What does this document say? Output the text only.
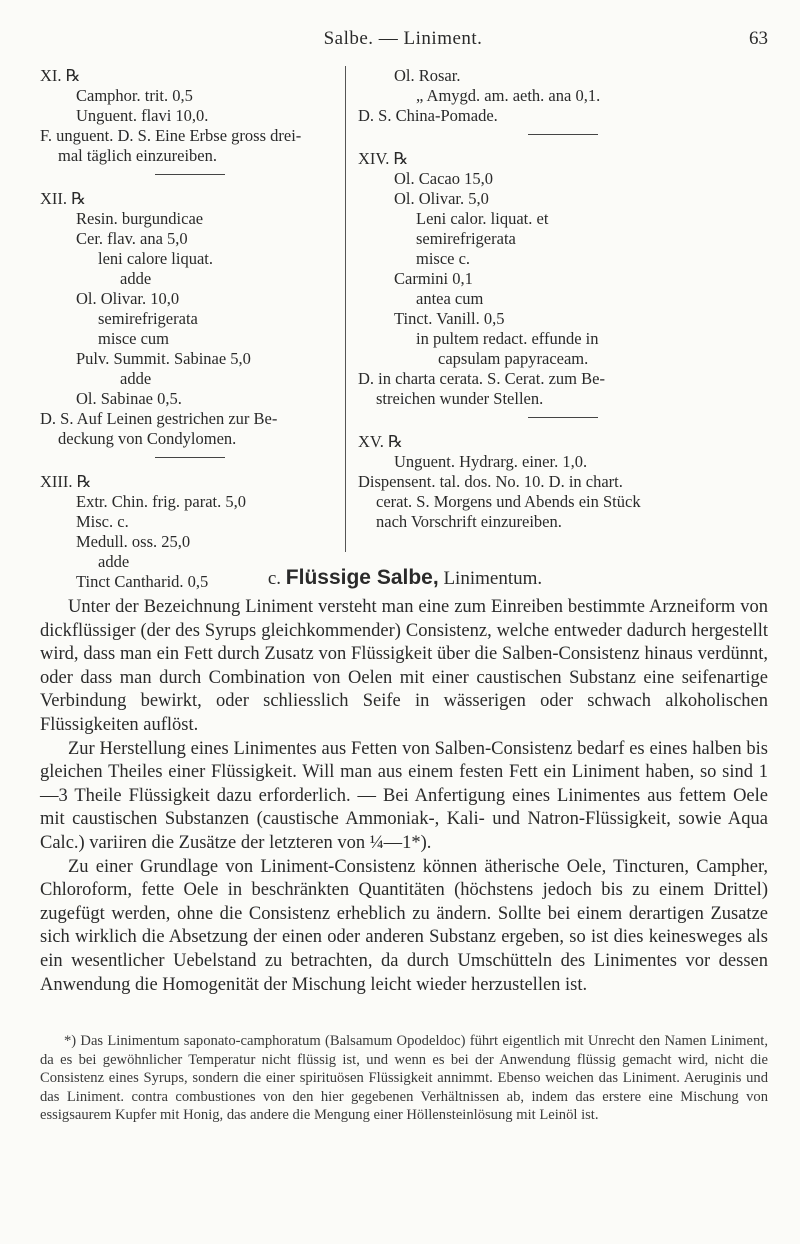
Salbe. — Liniment.	63
XI. ℞
Camphor. trit. 0,5
Unguent. flavi 10,0.
F. unguent. D. S. Eine Erbse gross drei-
mal täglich einzureiben.
XII. ℞
Resin. burgundicae
Cer. flav. ana 5,0
leni calore liquat.
adde
Ol. Olivar. 10,0
semirefrigerata
misce cum
Pulv. Summit. Sabinae 5,0
adde
Ol. Sabinae 0,5.
D. S. Auf Leinen gestrichen zur Be-
deckung von Condylomen.
XIII. ℞
Extr. Chin. frig. parat. 5,0
Misc. c.
Medull. oss. 25,0
adde
Tinct Cantharid. 0,5
Ol. Rosar.
„ Amygd. am. aeth. ana 0,1.
D. S. China-Pomade.
XIV. ℞
Ol. Cacao 15,0
Ol. Olivar. 5,0
Leni calor. liquat. et
semirefrigerata
misce c.
Carmini 0,1
antea cum
Tinct. Vanill. 0,5
in pultem redact. effunde in
capsulam papyraceam.
D. in charta cerata. S. Cerat. zum Be-
streichen wunder Stellen.
XV. ℞
Unguent. Hydrarg. einer. 1,0.
Dispensent. tal. dos. No. 10. D. in chart.
cerat. S. Morgens und Abends ein Stück
nach Vorschrift einzureiben.
c. Flüssige Salbe, Linimentum.

Unter der Bezeichnung Liniment versteht man eine zum Einreiben bestimmte Arzneiform von dickflüssiger (der des Syrups gleichkommender) Consistenz, welche entweder dadurch hergestellt wird, dass man ein Fett durch Zusatz von Flüssigkeit über die Salben-Consistenz hinaus verdünnt, oder dass man durch Combination von Oelen mit einer caustischen Substanz eine seifenartige Verbindung bewirkt, oder schliesslich Seife in wässerigen oder schwach alkoholischen Flüssigkeiten auflöst.

Zur Herstellung eines Linimentes aus Fetten von Salben-Consistenz bedarf es eines halben bis gleichen Theiles einer Flüssigkeit. Will man aus einem festen Fett ein Liniment haben, so sind 1—3 Theile Flüssigkeit dazu erforderlich. — Bei Anfertigung eines Linimentes aus fettem Oele mit caustischen Substanzen (caustische Ammoniak-, Kali- und Natron-Flüssigkeit, sowie Aqua Calc.) variiren die Zusätze der letzteren von ¼—1*).

Zu einer Grundlage von Liniment-Consistenz können ätherische Oele, Tincturen, Campher, Chloroform, fette Oele in beschränkten Quantitäten (höchstens jedoch bis zu einem Drittel) zugefügt werden, ohne die Consistenz erheblich zu ändern. Sollte bei einem derartigen Zusatze sich wirklich die Absetzung der einen oder anderen Substanz ergeben, so ist dies keinesweges als ein wesentlicher Uebelstand zu betrachten, da durch Umschütteln des Linimentes vor dessen Anwendung die Homogenität der Mischung leicht wieder herzustellen ist.

*) Das Linimentum saponato-camphoratum (Balsamum Opodeldoc) führt eigentlich mit Unrecht den Namen Liniment, da es bei gewöhnlicher Temperatur nicht flüssig ist, und wenn es bei der Anwendung flüssig gemacht wird, nicht die Consistenz eines Syrups, sondern die einer spirituösen Flüssigkeit annimmt. Ebenso weichen das Liniment. Aeruginis und das Liniment. contra combustiones von den hier gegebenen Verhältnissen ab, indem das erstere eine Mischung von essigsaurem Kupfer mit Honig, das andere die Mengung einer Höllensteinlösung mit Leinöl ist.
